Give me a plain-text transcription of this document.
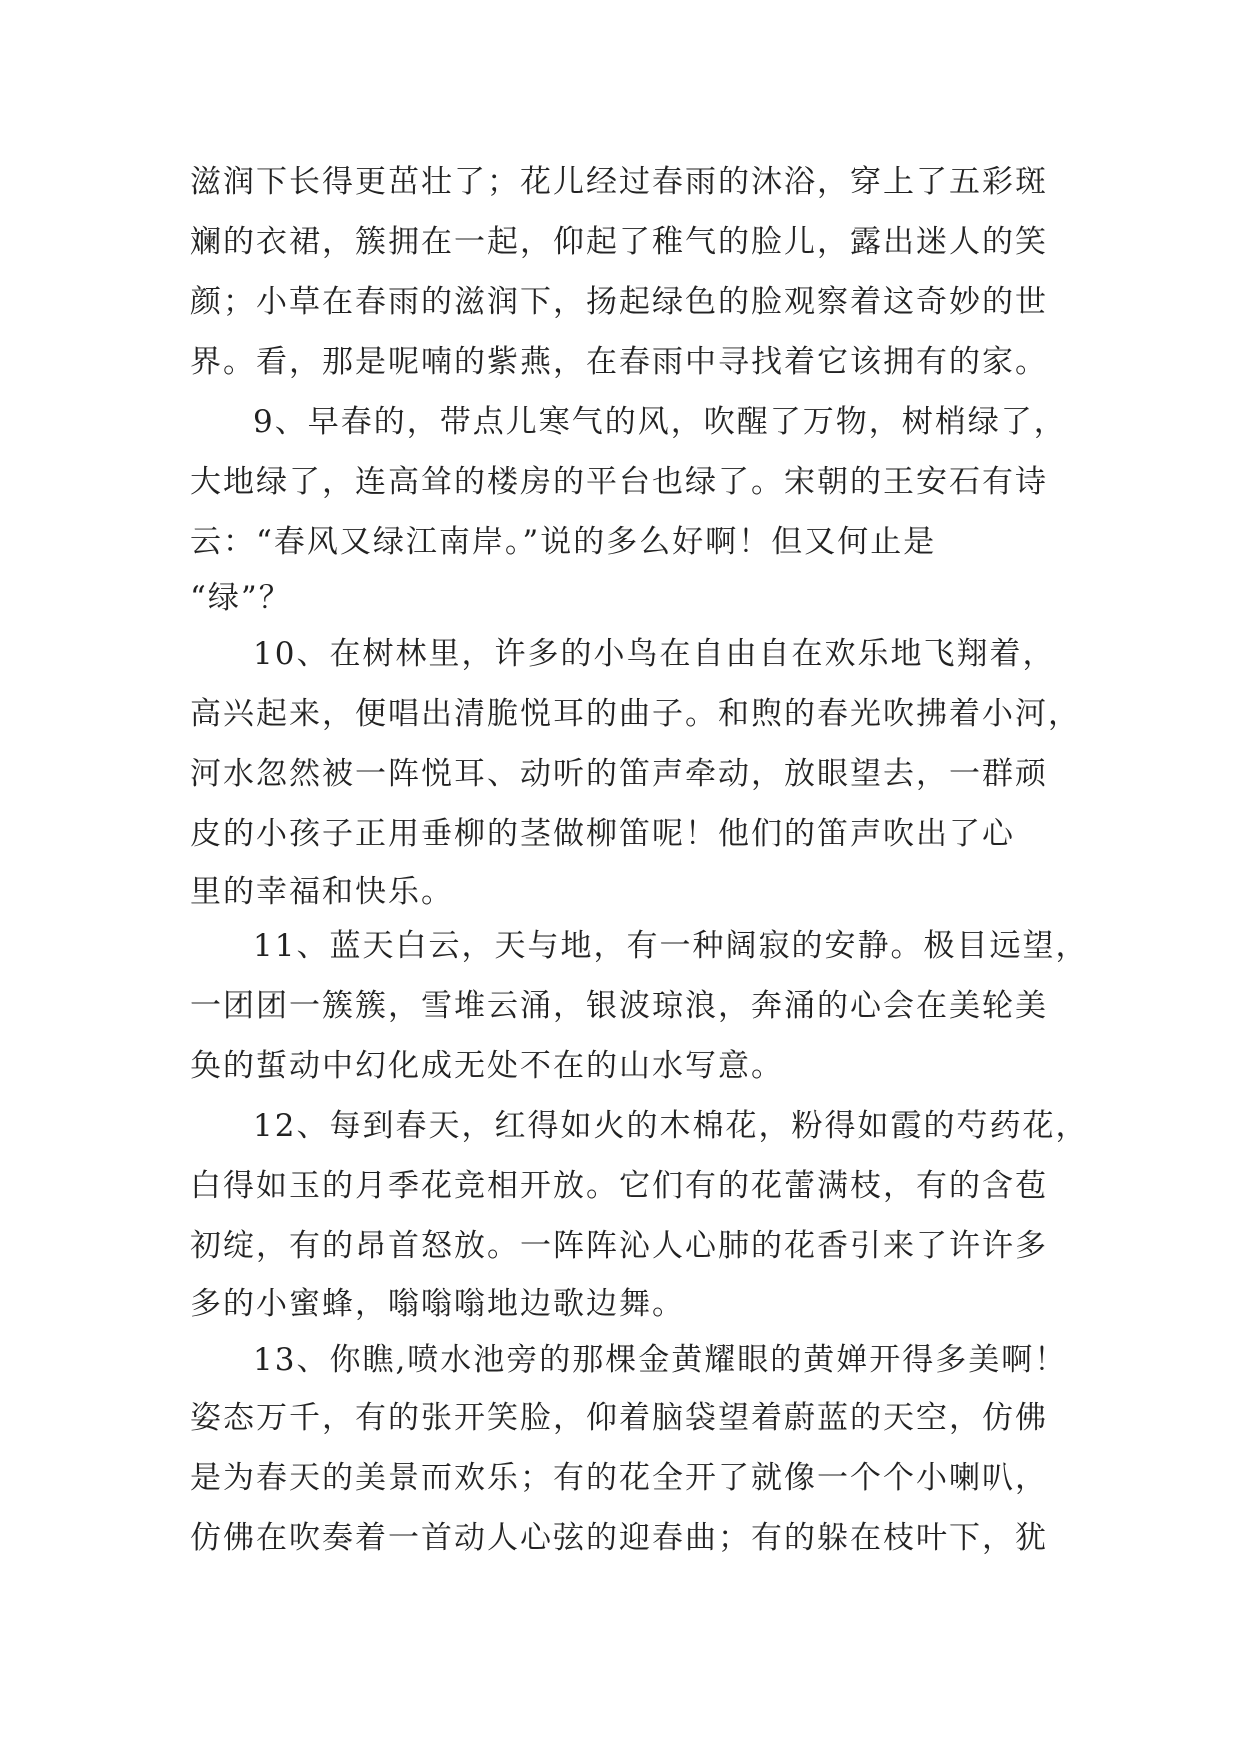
滋润下长得更茁壮了；花儿经过春雨的沐浴，穿上了五彩斑
斓的衣裙，簇拥在一起，仰起了稚气的脸儿，露出迷人的笑
颜；小草在春雨的滋润下，扬起绿色的脸观察着这奇妙的世
界。看，那是呢喃的紫燕，在春雨中寻找着它该拥有的家。
9、早春的，带点儿寒气的风，吹醒了万物，树梢绿了，
大地绿了，连高耸的楼房的平台也绿了。宋朝的王安石有诗
云：“春风又绿江南岸。”说的多么好啊！但又何止是
“绿”？
10、在树林里，许多的小鸟在自由自在欢乐地飞翔着，
高兴起来，便唱出清脆悦耳的曲子。和煦的春光吹拂着小河，
河水忽然被一阵悦耳、动听的笛声牵动，放眼望去，一群顽
皮的小孩子正用垂柳的茎做柳笛呢！他们的笛声吹出了心
里的幸福和快乐。
11、蓝天白云，天与地，有一种阔寂的安静。极目远望，
一团团一簇簇，雪堆云涌，银波琼浪，奔涌的心会在美轮美
奂的蜇动中幻化成无处不在的山水写意。
12、每到春天，红得如火的木棉花，粉得如霞的芍药花，
白得如玉的月季花竞相开放。它们有的花蕾满枝，有的含苞
初绽，有的昂首怒放。一阵阵沁人心肺的花香引来了许许多
多的小蜜蜂，嗡嗡嗡地边歌边舞。
13、你瞧,喷水池旁的那棵金黄耀眼的黄婵开得多美啊！
姿态万千，有的张开笑脸，仰着脑袋望着蔚蓝的天空，仿佛
是为春天的美景而欢乐；有的花全开了就像一个个小喇叭，
仿佛在吹奏着一首动人心弦的迎春曲；有的躲在枝叶下，犹
